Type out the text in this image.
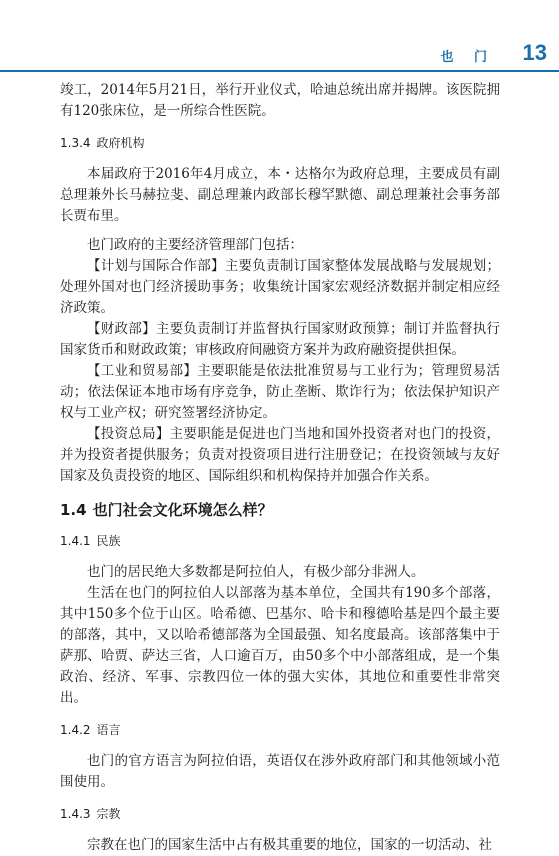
也 门 13

竣工，2014年5月21日，举行开业仪式，哈迪总统出席并揭牌。该医院拥有120张床位，是一所综合性医院。

1.3.4 政府机构

本届政府于2016年4月成立，本・达格尔为政府总理，主要成员有副总理兼外长马赫拉斐、副总理兼内政部长穆罕默德、副总理兼社会事务部长贾布里。

也门政府的主要经济管理部门包括：

【计划与国际合作部】主要负责制订国家整体发展战略与发展规划；处理外国对也门经济援助事务；收集统计国家宏观经济数据并制定相应经济政策。

【财政部】主要负责制订并监督执行国家财政预算；制订并监督执行国家货币和财政政策；审核政府间融资方案并为政府融资提供担保。

【工业和贸易部】主要职能是依法批准贸易与工业行为；管理贸易活动；依法保证本地市场有序竞争，防止垄断、欺诈行为；依法保护知识产权与工业产权；研究签署经济协定。

【投资总局】主要职能是促进也门当地和国外投资者对也门的投资，并为投资者提供服务；负责对投资项目进行注册登记；在投资领域与友好国家及负责投资的地区、国际组织和机构保持并加强合作关系。

1.4 也门社会文化环境怎么样？
1.4.1 民族

也门的居民绝大多数都是阿拉伯人，有极少部分非洲人。

生活在也门的阿拉伯人以部落为基本单位，全国共有190多个部落，其中150多个位于山区。哈希德、巴基尔、哈卡和穆德哈基是四个最主要的部落，其中，又以哈希德部落为全国最强、知名度最高。该部落集中于萨那、哈贾、萨达三省，人口逾百万，由50多个中小部落组成，是一个集政治、经济、军事、宗教四位一体的强大实体，其地位和重要性非常突出。

1.4.2 语言

也门的官方语言为阿拉伯语，英语仅在涉外政府部门和其他领域小范围使用。

1.4.3 宗教

宗教在也门的国家生活中占有极其重要的地位，国家的一切活动、社
